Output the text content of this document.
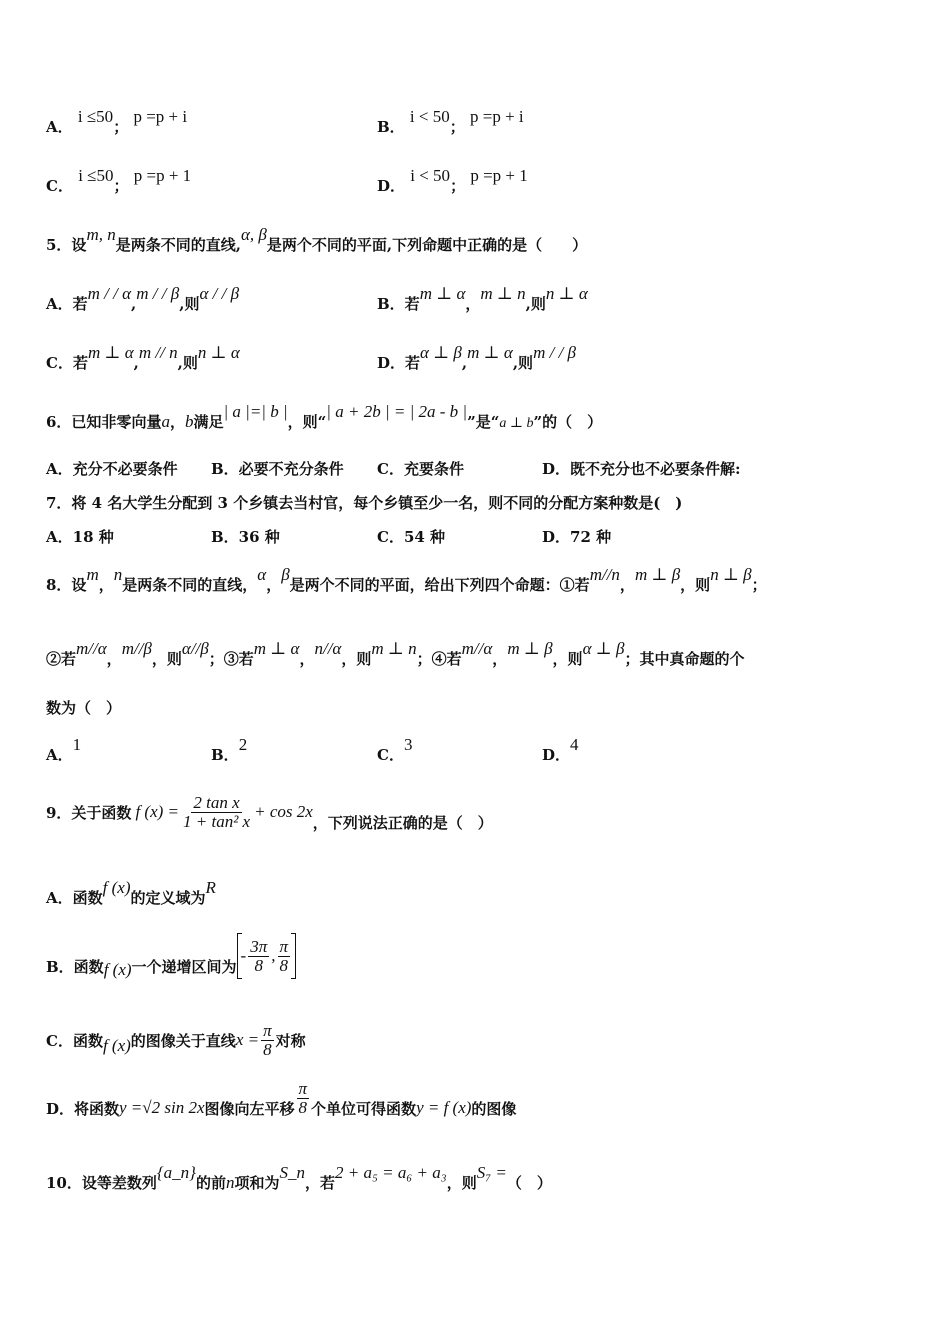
A． i ≤50； p =p + i
B． i < 50； p =p + i
C． i ≤50； p =p + 1
D． i < 50； p =p + 1
5．设m, n是两条不同的直线,α, β是两个不同的平面,下列命题中正确的是（　　）
A．若m / / α,m / / β,则α / / β
B．若m ⊥ α，m ⊥ n,则n ⊥ α
C．若m ⊥ α,m // n,则n ⊥ α
D．若α ⊥ β,m ⊥ α,则m / / β
6．已知非零向量a，b满足| a |=| b |，则“| a + 2b | = | 2a - b |”是“a ⊥ b”的（　）
A．充分不必要条件 B．必要不充分条件 C．充要条件	D．既不充分也不必要条件解:
7．将 4 名大学生分配到 3 个乡镇去当村官，每个乡镇至少一名，则不同的分配方案种数是(　)
A．18 种	B．36 种	C．54 种	D．72 种
8．设m，n是两条不同的直线，α，β是两个不同的平面，给出下列四个命题：①若m//n，m ⊥ β，则n ⊥ β；
②若m//α，m//β，则α//β；③若m ⊥ α，n//α，则m ⊥ n；④若m//α，m ⊥ β，则α ⊥ β；其中真命题的个
数为（　）
A．1
B．2
C．3
D．4
9．关于函数 f $(x) = \frac{\text{2 tan x}}{\text{1 + tan² x}} + \cos 2x$
，下列说法正确的是（　）
A．函数f (x)的定义域为R
B．函数 f (x) 一个递增区间为
- $\frac{3\pi}{8}$ , $\frac{\pi}{8}$
C．函数 f (x) 的图像关于直线 $x = \frac{\pi}{8}$ 对称
D．将函数 y =√2 sin 2x 图像向左平移 $\frac{\pi}{8}$ 个单位可得函数 y = f (x) 的图像
10．设等差数列{a_n}的前n项和为S_n，若2 + a₅ = a₆ + a₃，则S₇ =（　）
